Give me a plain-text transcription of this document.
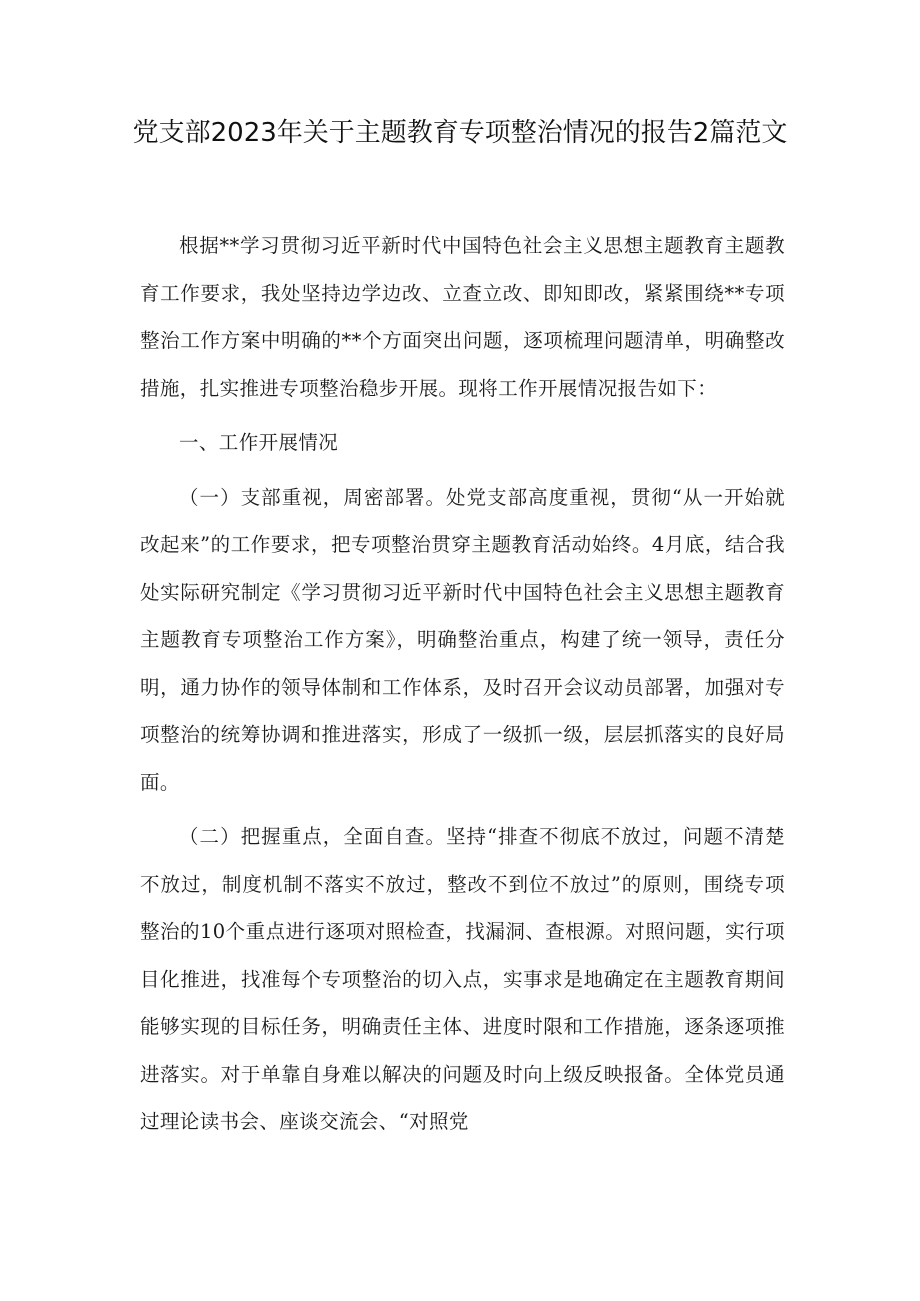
党支部2023年关于主题教育专项整治情况的报告2篇范文

根据**学习贯彻习近平新时代中国特色社会主义思想主题教育主题教育工作要求，我处坚持边学边改、立查立改、即知即改，紧紧围绕**专项整治工作方案中明确的**个方面突出问题，逐项梳理问题清单，明确整改措施，扎实推进专项整治稳步开展。现将工作开展情况报告如下：

一、工作开展情况

（一）支部重视，周密部署。处党支部高度重视，贯彻“从一开始就改起来”的工作要求，把专项整治贯穿主题教育活动始终。4月底，结合我处实际研究制定《学习贯彻习近平新时代中国特色社会主义思想主题教育主题教育专项整治工作方案》，明确整治重点，构建了统一领导，责任分明，通力协作的领导体制和工作体系，及时召开会议动员部署，加强对专项整治的统筹协调和推进落实，形成了一级抓一级，层层抓落实的良好局面。

（二）把握重点，全面自查。坚持“排查不彻底不放过，问题不清楚不放过，制度机制不落实不放过，整改不到位不放过”的原则，围绕专项整治的10个重点进行逐项对照检查，找漏洞、查根源。对照问题，实行项目化推进，找准每个专项整治的切入点，实事求是地确定在主题教育期间能够实现的目标任务，明确责任主体、进度时限和工作措施，逐条逐项推进落实。对于单靠自身难以解决的问题及时向上级反映报备。全体党员通过理论读书会、座谈交流会、“对照党
